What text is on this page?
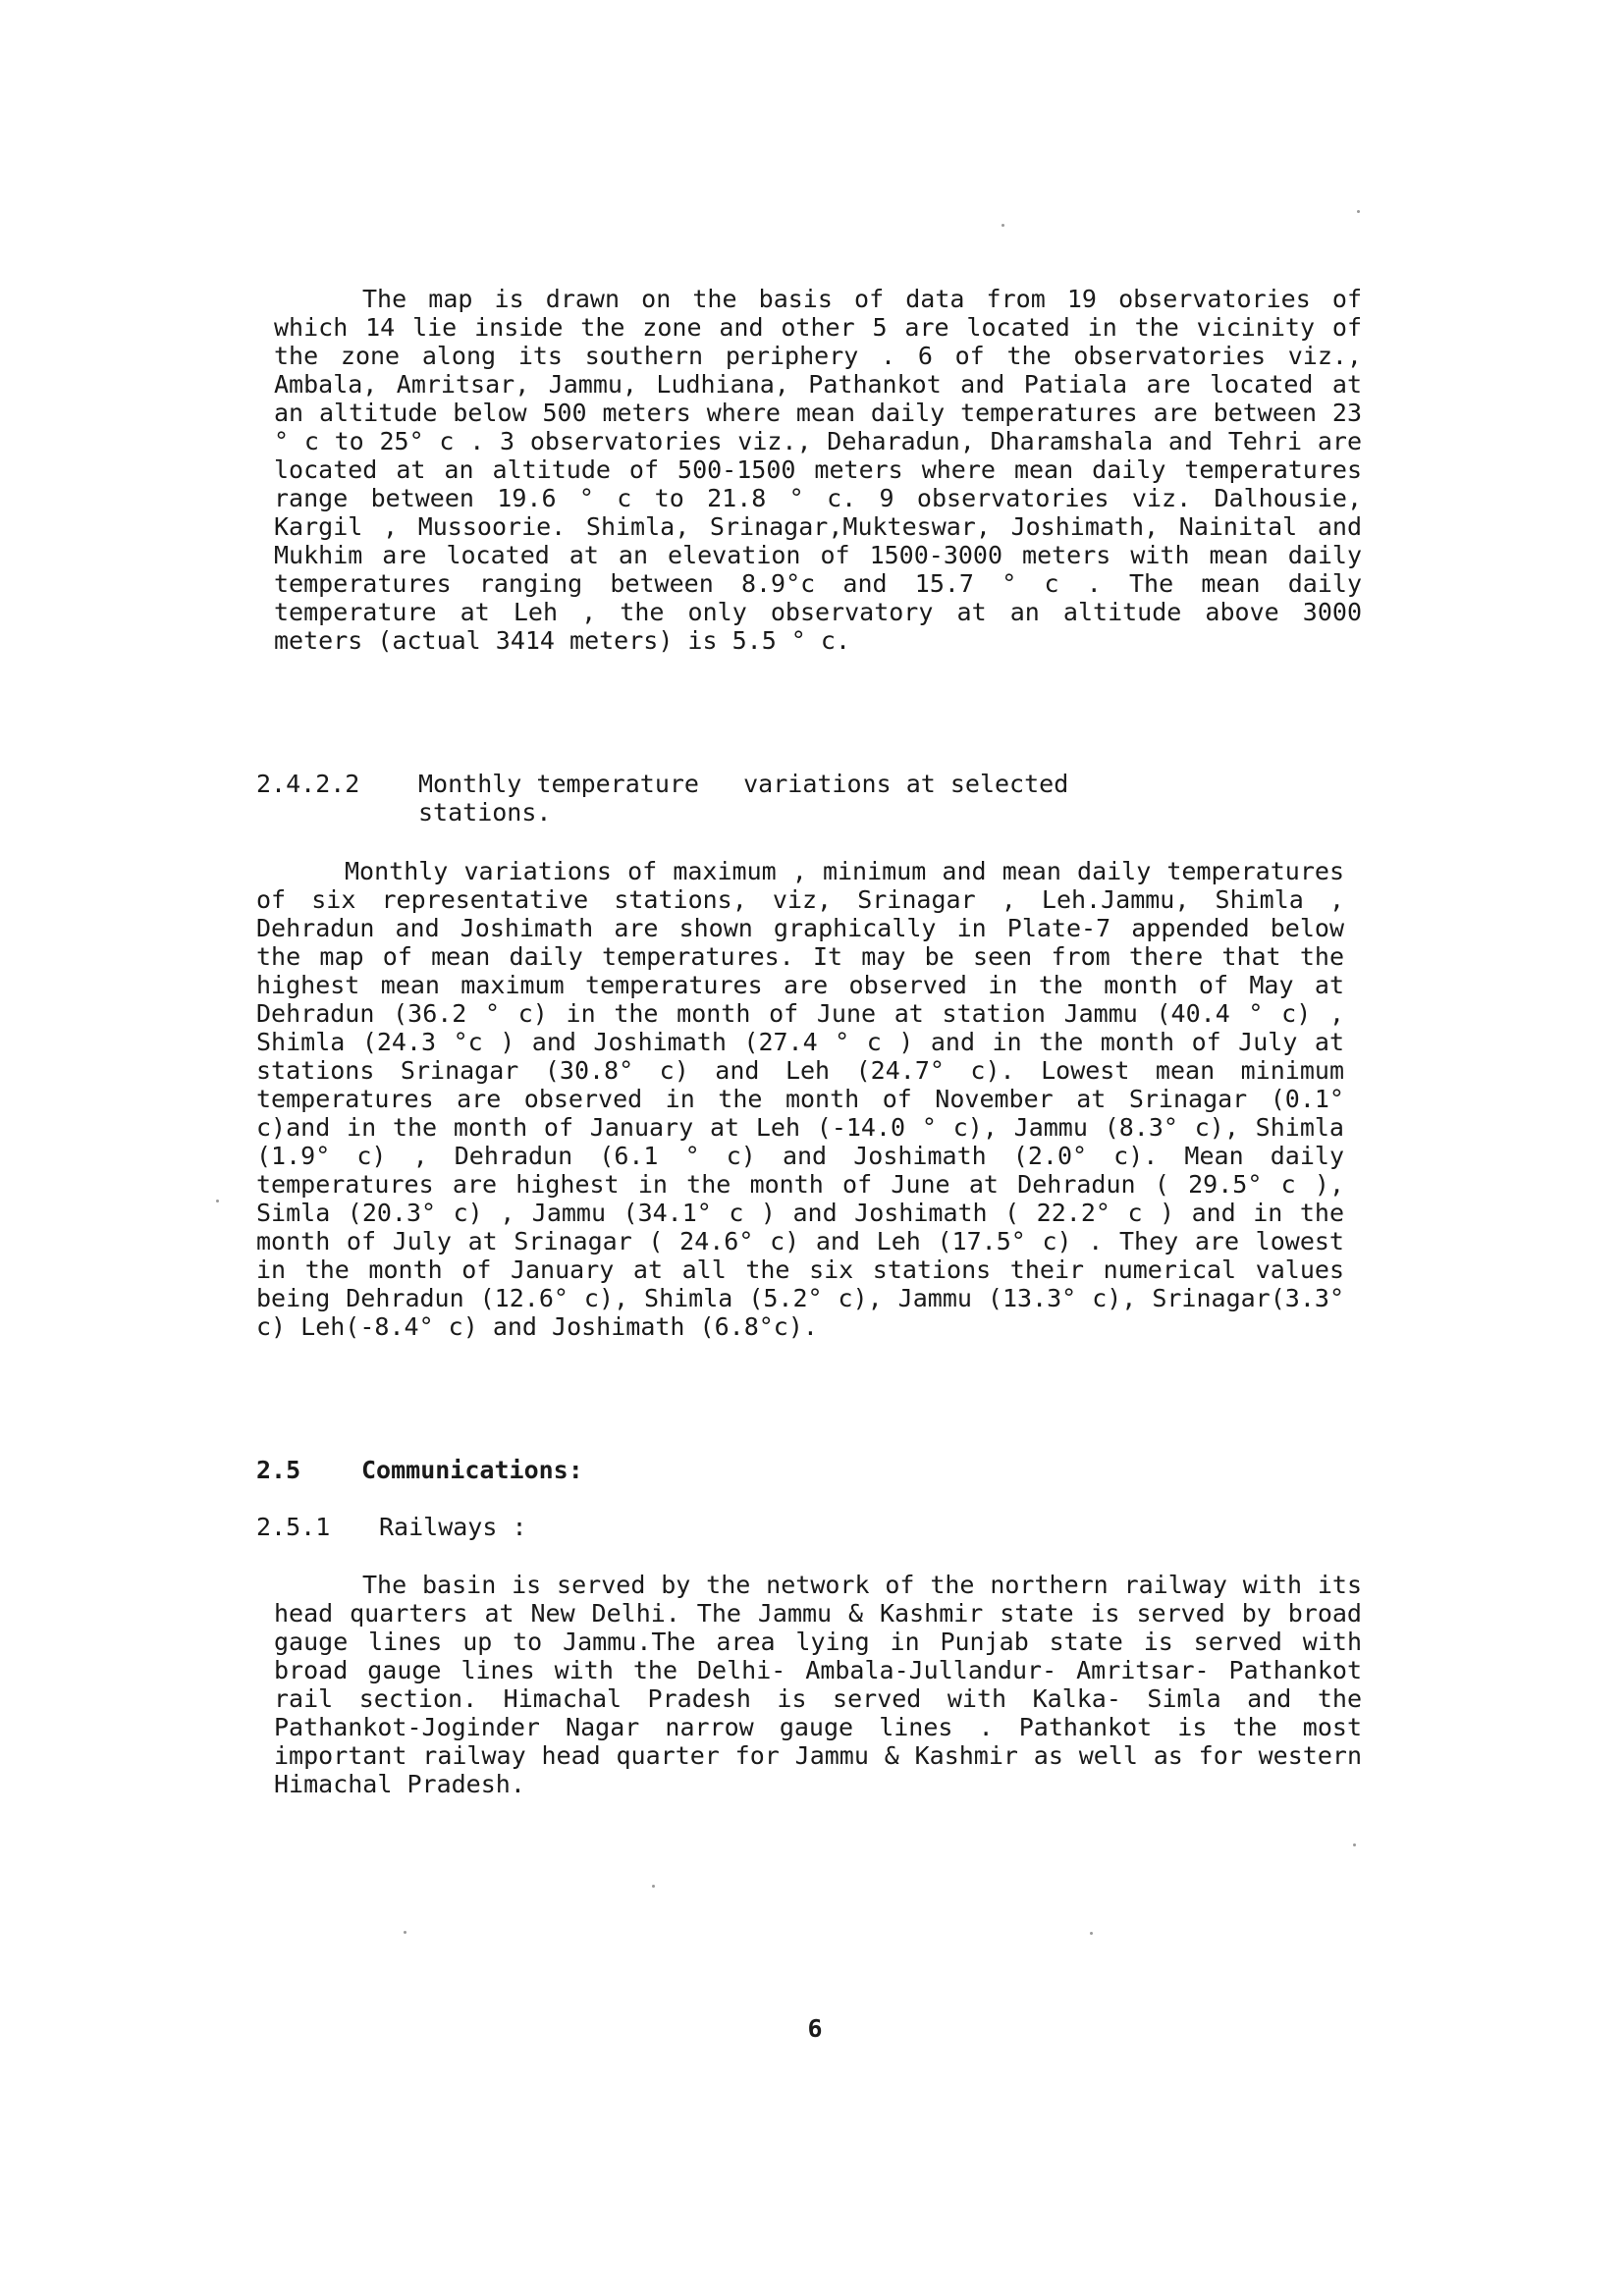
The map is drawn on the basis of data from 19 observatories of which 14 lie inside the zone and other 5 are located in the vicinity of the zone along its southern periphery . 6 of the observatories viz., Ambala, Amritsar, Jammu, Ludhiana, Pathankot and Patiala are located at an altitude below 500 meters where mean daily temperatures are between 23 ° c to 25° c . 3 observatories viz., Deharadun, Dharamshala and Tehri are located at an altitude of 500-1500 meters where mean daily temperatures range between 19.6 ° c to 21.8 ° c. 9 observatories viz. Dalhousie, Kargil , Mussoorie. Shimla, Srinagar,Mukteswar, Joshimath, Nainital and Mukhim are located at an elevation of 1500-3000 meters with mean daily temperatures ranging between 8.9°c and 15.7 ° c . The mean daily temperature at Leh , the only observatory at an altitude above 3000 meters (actual 3414 meters) is 5.5 ° c.

2.4.2.2 Monthly temperature   variations at selected
stations.

Monthly variations of maximum , minimum and mean daily temperatures of six representative stations, viz, Srinagar , Leh.Jammu, Shimla , Dehradun and Joshimath are shown graphically in Plate-7 appended below the map of mean daily temperatures. It may be seen from there that the highest mean maximum temperatures are observed in the month of May at Dehradun (36.2 ° c) in the month of June at station Jammu (40.4 ° c) , Shimla (24.3 °c ) and Joshimath (27.4 ° c ) and in the month of July at stations Srinagar (30.8° c) and Leh (24.7° c). Lowest mean minimum temperatures are observed in the month of November at Srinagar (0.1° c)and in the month of January at Leh (-14.0 ° c), Jammu (8.3° c), Shimla (1.9° c) , Dehradun (6.1 ° c) and Joshimath (2.0° c). Mean daily temperatures are highest in the month of June at Dehradun ( 29.5° c ), Simla (20.3° c) , Jammu (34.1° c ) and Joshimath ( 22.2° c ) and in the month of July at Srinagar ( 24.6° c) and Leh (17.5° c) . They are lowest in the month of January at all the six stations their numerical values being Dehradun (12.6° c), Shimla (5.2° c), Jammu (13.3° c), Srinagar(3.3° c) Leh(-8.4° c) and Joshimath (6.8°c).

2.5 Communications:
2.5.1 Railways :

The basin is served by the network of the northern railway with its head quarters at New Delhi. The Jammu & Kashmir state is served by broad gauge lines up to Jammu.The area lying in Punjab state is served with broad gauge lines with the Delhi- Ambala-Jullandur- Amritsar- Pathankot rail section. Himachal Pradesh is served with Kalka- Simla and the Pathankot-Joginder Nagar narrow gauge lines . Pathankot is the most important railway head quarter for Jammu & Kashmir as well as for western Himachal Pradesh.

6
